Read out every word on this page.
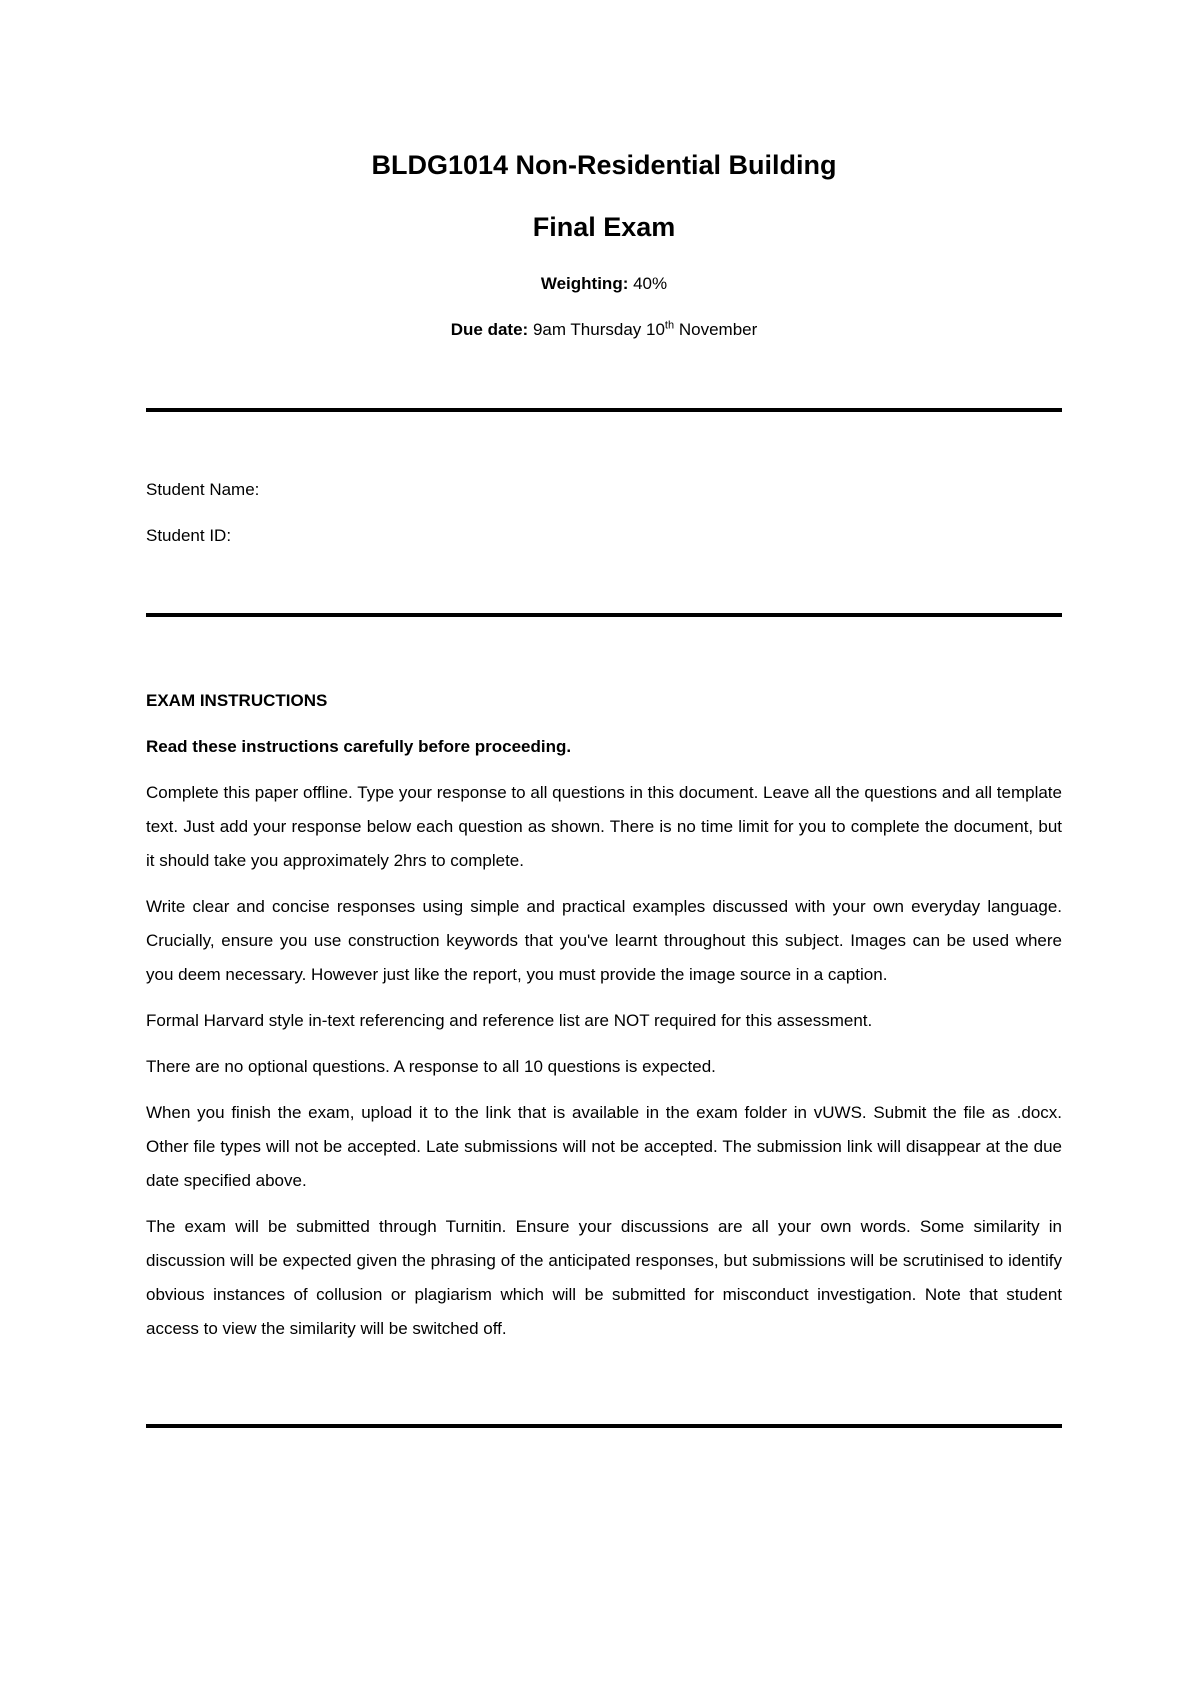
BLDG1014 Non-Residential Building
Final Exam
Weighting: 40%
Due date: 9am Thursday 10th November
Student Name:
Student ID:
EXAM INSTRUCTIONS
Read these instructions carefully before proceeding.

Complete this paper offline. Type your response to all questions in this document. Leave all the questions and all template text. Just add your response below each question as shown. There is no time limit for you to complete the document, but it should take you approximately 2hrs to complete.

Write clear and concise responses using simple and practical examples discussed with your own everyday language. Crucially, ensure you use construction keywords that you've learnt throughout this subject. Images can be used where you deem necessary. However just like the report, you must provide the image source in a caption.

Formal Harvard style in-text referencing and reference list are NOT required for this assessment.

There are no optional questions. A response to all 10 questions is expected.

When you finish the exam, upload it to the link that is available in the exam folder in vUWS. Submit the file as .docx. Other file types will not be accepted. Late submissions will not be accepted. The submission link will disappear at the due date specified above.

The exam will be submitted through Turnitin. Ensure your discussions are all your own words. Some similarity in discussion will be expected given the phrasing of the anticipated responses, but submissions will be scrutinised to identify obvious instances of collusion or plagiarism which will be submitted for misconduct investigation. Note that student access to view the similarity will be switched off.
